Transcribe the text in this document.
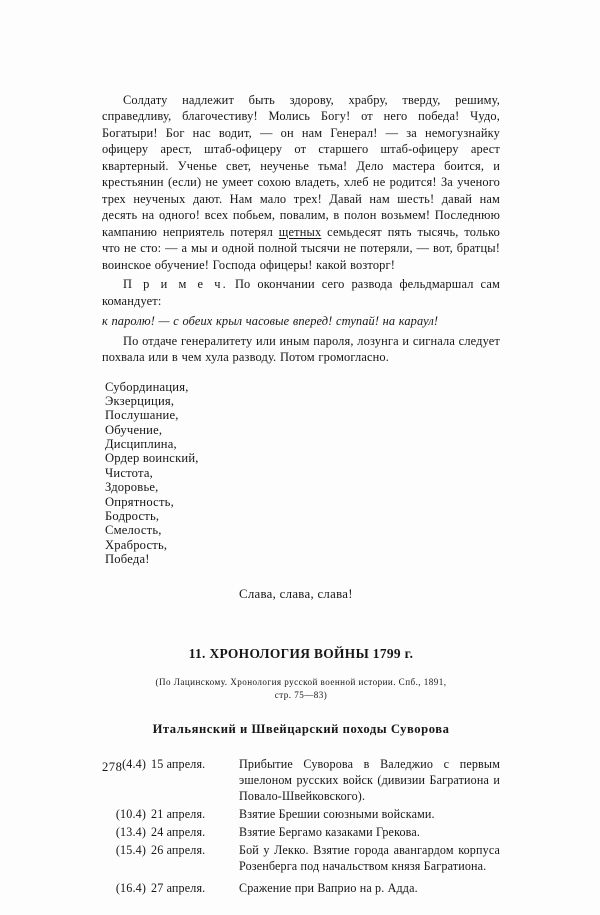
Солдату надлежит быть здорову, храбру, тверду, решиму, справедливу, благочестиву! Молись Богу! от него победа! Чудо, Богатыри! Бог нас водит, — он нам Генерал! — за немогузнайку офицеру арест, штаб-офицеру от старшего штаб-офицеру арест квартерный. Ученье свет, неученье тьма! Дело мастера боится, и крестьянин (если) не умеет сохою владеть, хлеб не родится! За ученого трех неученых дают. Нам мало трех! Давай нам шесть! давай нам десять на одного! всех побьем, повалим, в полон возьмем! Последнюю кампанию неприятель потерял щетных семьдесят пять тысячь, только что не сто: — а мы и одной полной тысячи не потеряли, — вот, братцы! воинское обучение! Господа офицеры! какой возторг!

П р и м е ч. По окончании сего развода фельдмаршал сам командует:

к паролю! — с обеих крыл часовые вперед! ступай! на караул!

По отдаче генералитету или иным пароля, лозунга и сигнала следует похвала или в чем хула разводу. Потом громогласно.

Субординация,
Экзерциция,
Послушание,
Обучение,
Дисциплина,
Ордер воинский,
Чистота,
Здоровье,
Опрятность,
Бодрость,
Смелость,
Храбрость,
Победа!

Слава, слава, слава!

11. ХРОНОЛОГИЯ ВОЙНЫ 1799 г.

(По Лацинскому. Хронология русской военной истории. Спб., 1891,
стр. 75—83)

Итальянский и Швейцарский походы Суворова
(4.4)	15 апреля.	Прибытие Суворова в Валеджио с первым эшелоном русских войск (дивизии Багратиона и Повало-Швейковского).
(10.4)	21 апреля.	Взятие Брешии союзными войсками.
(13.4)	24 апреля.	Взятие Бергамо казаками Грекова.
(15.4)	26 апреля.	Бой у Лекко. Взятие города авангардом корпуса Розенберга под начальством князя Багратиона.
(16.4)	27 апреля.	Сражение при Ваприо на р. Адда.
278
